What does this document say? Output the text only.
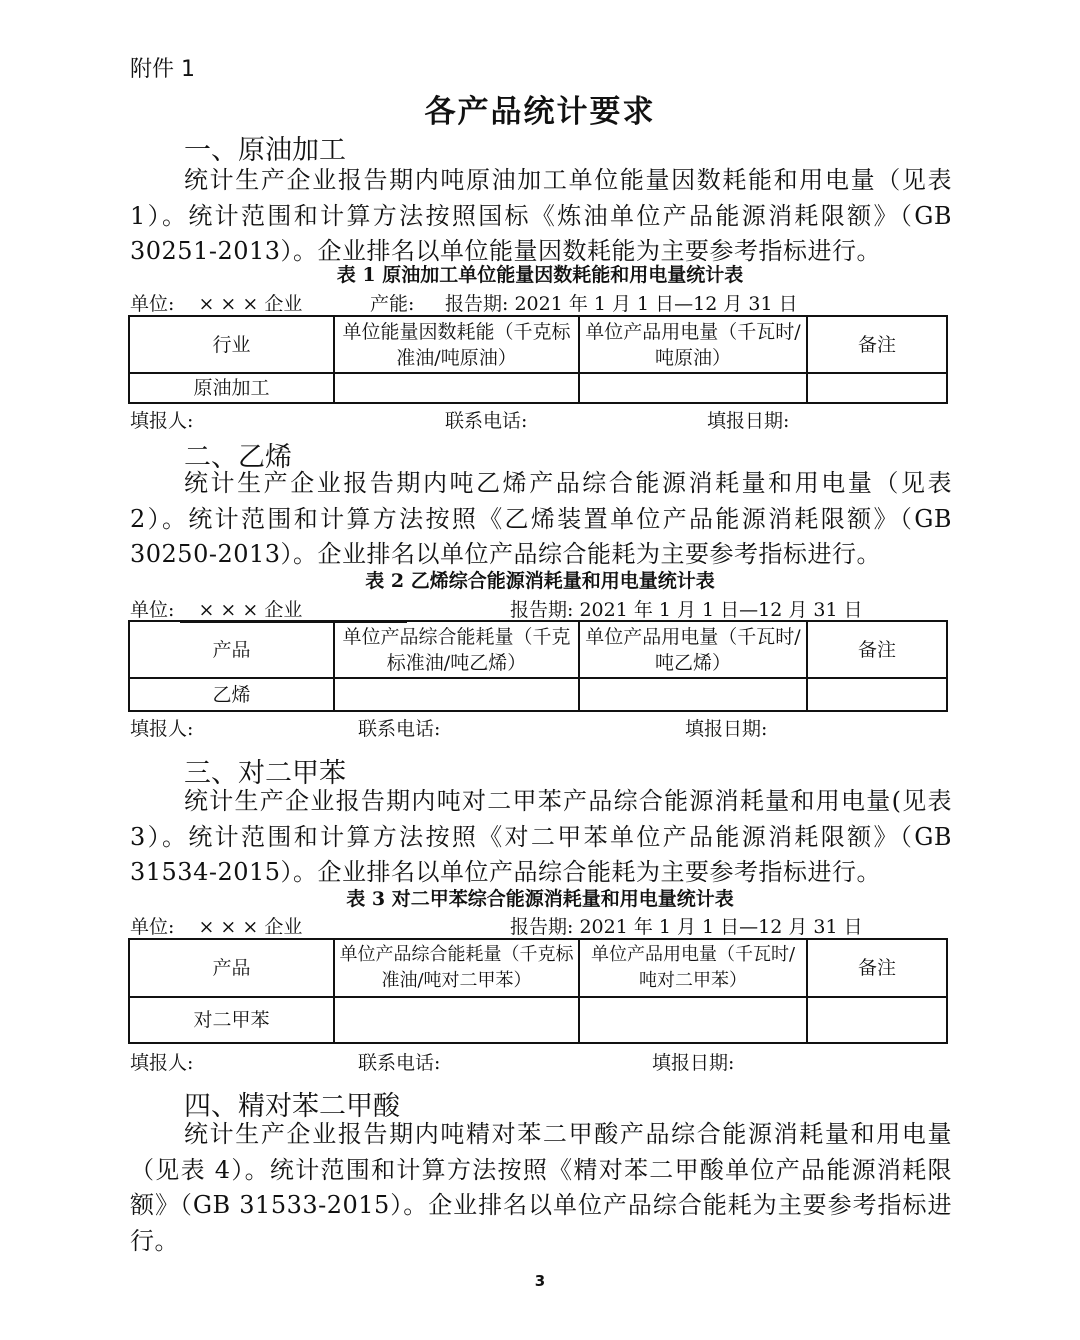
附件 1
各产品统计要求
一、原油加工
统计生产企业报告期内吨原油加工单位能量因数耗能和用电量（见表 1）。统计范围和计算方法按照国标《炼油单位产品能源消耗限额》（GB 30251-2013）。企业排名以单位能量因数耗能为主要参考指标进行。
表 1 原油加工单位能量因数耗能和用电量统计表
单位: × × × 企业	产能: 报告期: 2021 年 1 月 1 日—12 月 31 日
行业	单位能量因数耗能（千克标准油/吨原油）	单位产品用电量（千瓦时/吨原油）	备注
原油加工			
填报人:	联系电话:	填报日期:
二、乙烯
统计生产企业报告期内吨乙烯产品综合能源消耗量和用电量（见表 2）。统计范围和计算方法按照《乙烯装置单位产品能源消耗限额》（GB 30250-2013）。企业排名以单位产品综合能耗为主要参考指标进行。
表 2 乙烯综合能源消耗量和用电量统计表
单位: × × × 企业	报告期: 2021 年 1 月 1 日—12 月 31 日
产品	单位产品综合能耗量（千克标准油/吨乙烯）	单位产品用电量（千瓦时/吨乙烯）	备注
乙烯			
填报人:	联系电话:	填报日期:
三、对二甲苯
统计生产企业报告期内吨对二甲苯产品综合能源消耗量和用电量(见表 3）。统计范围和计算方法按照《对二甲苯单位产品能源消耗限额》（GB 31534-2015）。企业排名以单位产品综合能耗为主要参考指标进行。
表 3 对二甲苯综合能源消耗量和用电量统计表
单位: × × × 企业	报告期: 2021 年 1 月 1 日—12 月 31 日
产品	单位产品综合能耗量（千克标准油/吨对二甲苯）	单位产品用电量（千瓦时/吨对二甲苯）	备注
对二甲苯			
填报人:	联系电话:	填报日期:
四、精对苯二甲酸
统计生产企业报告期内吨精对苯二甲酸产品综合能源消耗量和用电量（见表 4）。统计范围和计算方法按照《精对苯二甲酸单位产品能源消耗限额》（GB 31533-2015）。企业排名以单位产品综合能耗为主要参考指标进行。
3
